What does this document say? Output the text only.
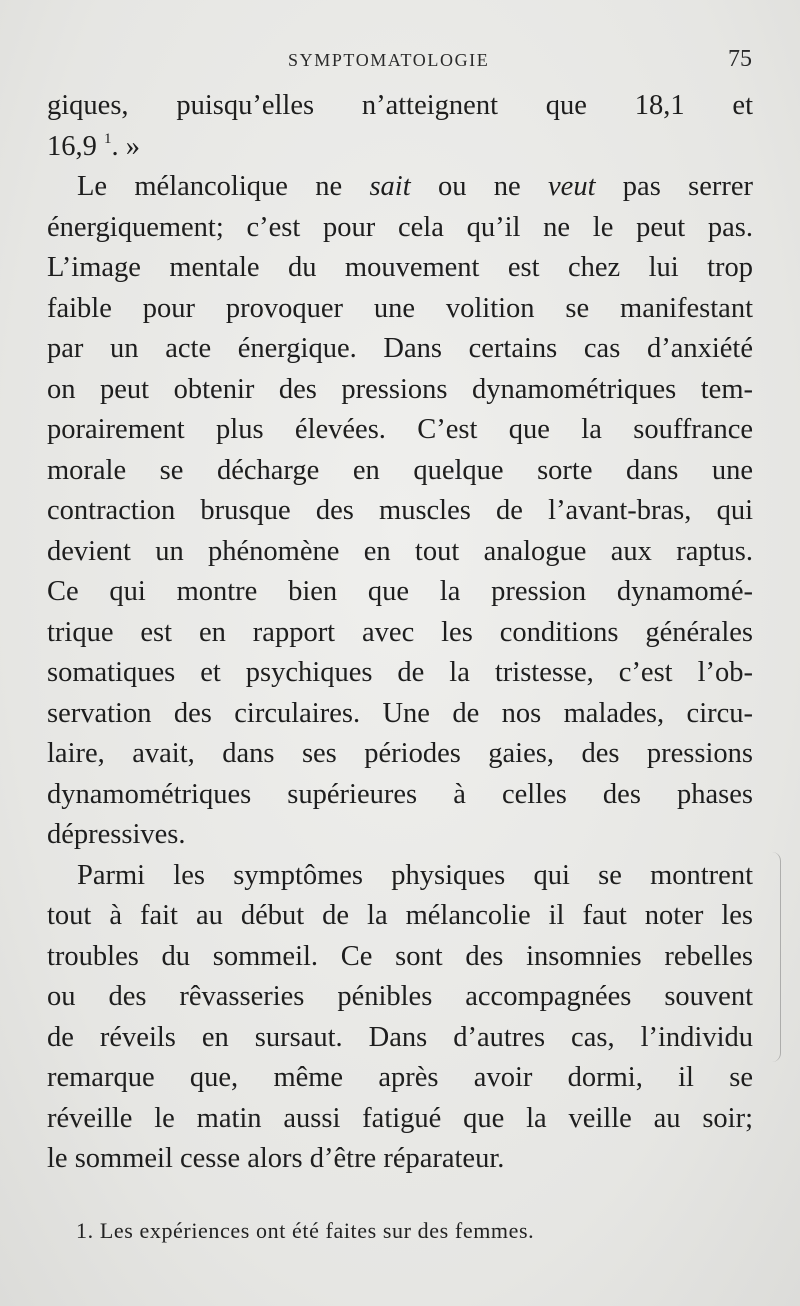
SYMPTOMATOLOGIE	75
giques, puisqu’elles n’atteignent que 18,1 et
16,9 $^1$. »
Le mélancolique ne sait ou ne veut pas serrer
énergiquement; c’est pour cela qu’il ne le peut pas.
L’image mentale du mouvement est chez lui trop
faible pour provoquer une volition se manifestant
par un acte énergique. Dans certains cas d’anxiété
on peut obtenir des pressions dynamométriques tem-
porairement plus élevées. C’est que la souffrance
morale se décharge en quelque sorte dans une
contraction brusque des muscles de l’avant-bras, qui
devient un phénomène en tout analogue aux raptus.
Ce qui montre bien que la pression dynamomé-
trique est en rapport avec les conditions générales
somatiques et psychiques de la tristesse, c’est l’ob-
servation des circulaires. Une de nos malades, circu-
laire, avait, dans ses périodes gaies, des pressions
dynamométriques supérieures à celles des phases
dépressives.
Parmi les symptômes physiques qui se montrent
tout à fait au début de la mélancolie il faut noter les
troubles du sommeil. Ce sont des insomnies rebelles
ou des rêvasseries pénibles accompagnées souvent
de réveils en sursaut. Dans d’autres cas, l’individu
remarque que, même après avoir dormi, il se
réveille le matin aussi fatigué que la veille au soir;
le sommeil cesse alors d’être réparateur.
1. Les expériences ont été faites sur des femmes.
